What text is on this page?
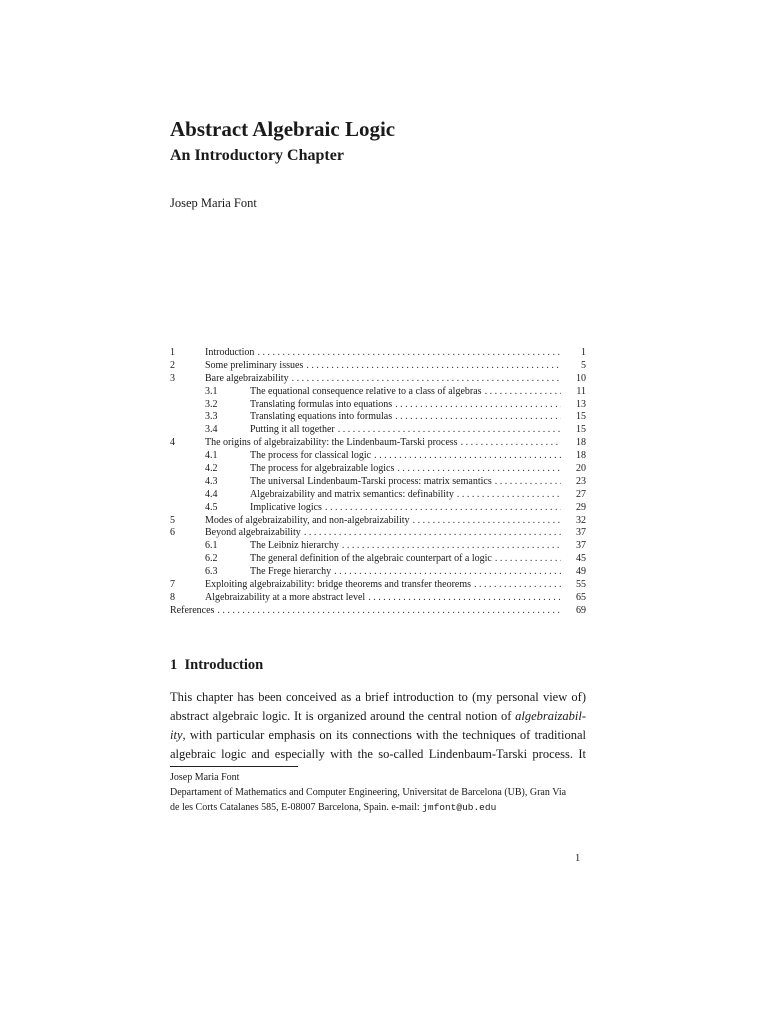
Abstract Algebraic Logic
An Introductory Chapter
Josep Maria Font
1	Introduction . . .	1
2	Some preliminary issues . . .	5
3	Bare algebraizability . . .	10
3.1	The equational consequence relative to a class of algebras . . .	11
3.2	Translating formulas into equations . . .	13
3.3	Translating equations into formulas . . .	15
3.4	Putting it all together . . .	15
4	The origins of algebraizability: the Lindenbaum-Tarski process . . .	18
4.1	The process for classical logic . . .	18
4.2	The process for algebraizable logics . . .	20
4.3	The universal Lindenbaum-Tarski process: matrix semantics . . .	23
4.4	Algebraizability and matrix semantics: definability . . .	27
4.5	Implicative logics . . .	29
5	Modes of algebraizability, and non-algebraizability . . .	32
6	Beyond algebraizability . . .	37
6.1	The Leibniz hierarchy . . .	37
6.2	The general definition of the algebraic counterpart of a logic . . .	45
6.3	The Frege hierarchy . . .	49
7	Exploiting algebraizability: bridge theorems and transfer theorems . . .	55
8	Algebraizability at a more abstract level . . .	65
References . . .	69
1 Introduction
This chapter has been conceived as a brief introduction to (my personal view of)
abstract algebraic logic. It is organized around the central notion of algebraizabil-
ity, with particular emphasis on its connections with the techniques of traditional
algebraic logic and especially with the so-called Lindenbaum-Tarski process. It
Josep Maria Font
Departament of Mathematics and Computer Engineering, Universitat de Barcelona (UB), Gran Via
de les Corts Catalanes 585, E-08007 Barcelona, Spain. e-mail: jmfont@ub.edu
1
